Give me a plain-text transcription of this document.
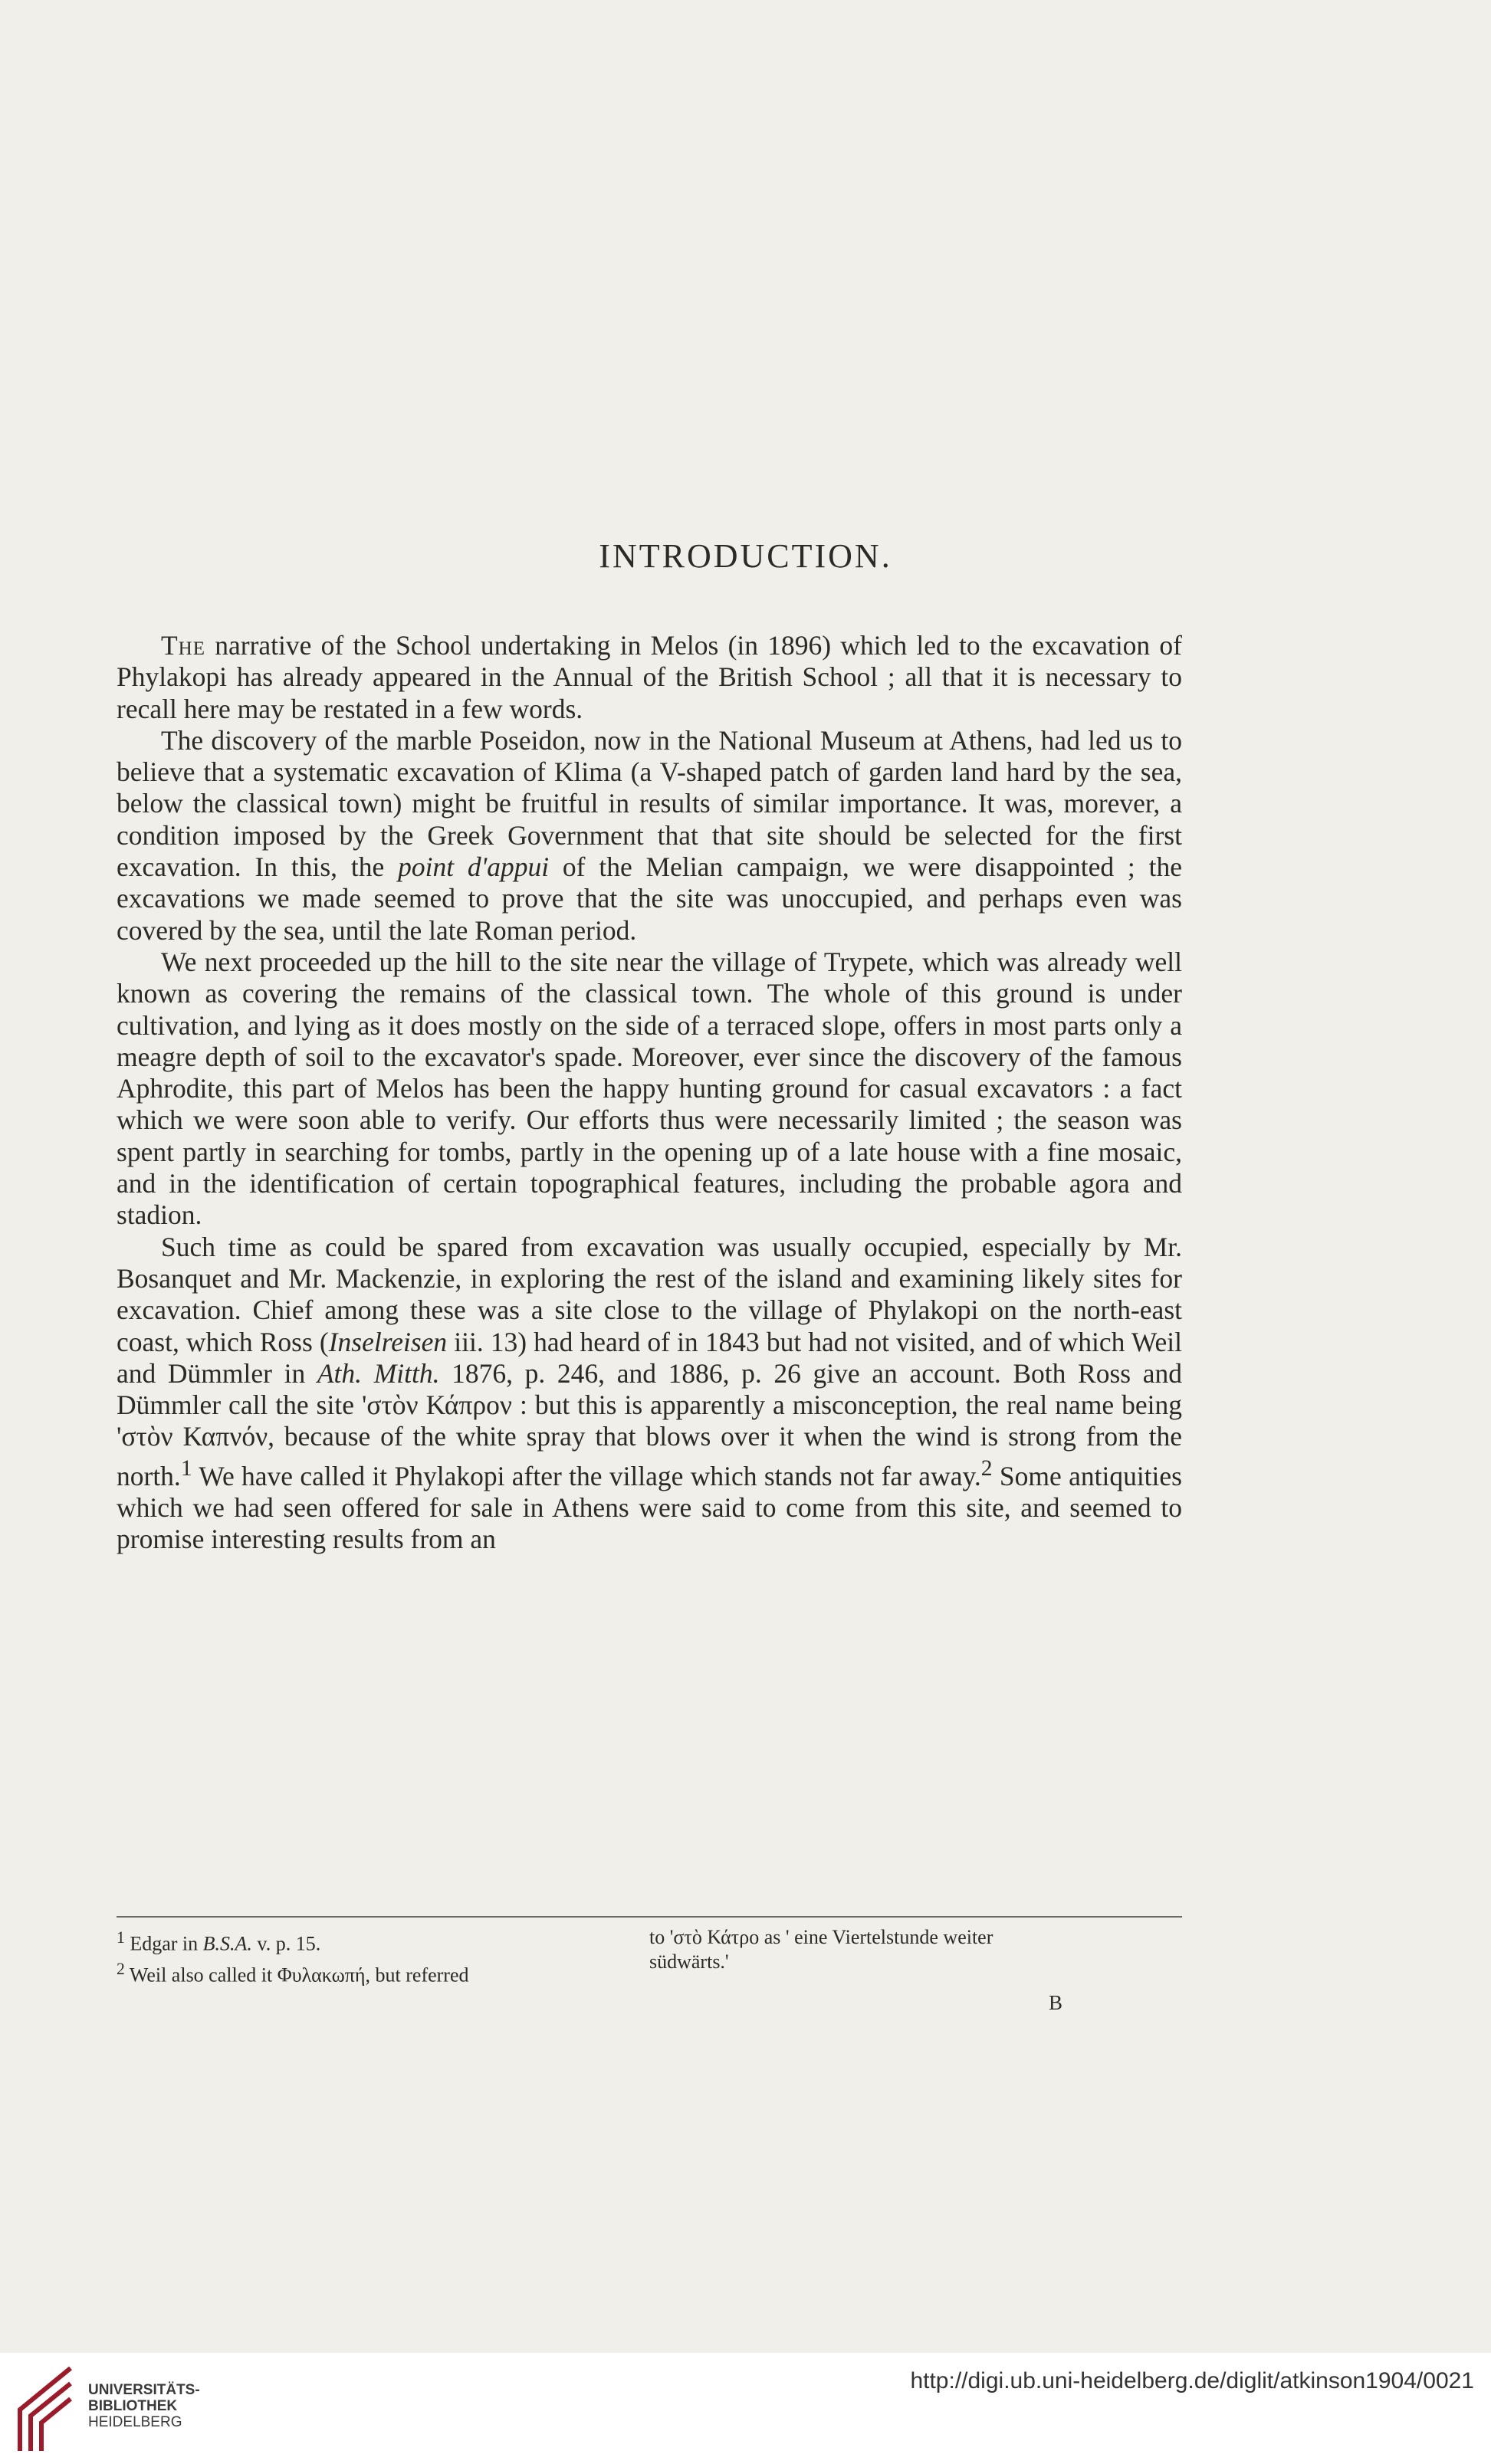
INTRODUCTION.

The narrative of the School undertaking in Melos (in 1896) which led to the excavation of Phylakopi has already appeared in the Annual of the British School ; all that it is necessary to recall here may be restated in a few words.

The discovery of the marble Poseidon, now in the National Museum at Athens, had led us to believe that a systematic excavation of Klima (a V-shaped patch of garden land hard by the sea, below the classical town) might be fruitful in results of similar importance. It was, morever, a condition imposed by the Greek Government that that site should be selected for the first excavation. In this, the point d'appui of the Melian campaign, we were disappointed ; the excavations we made seemed to prove that the site was unoccupied, and perhaps even was covered by the sea, until the late Roman period.

We next proceeded up the hill to the site near the village of Trypete, which was already well known as covering the remains of the classical town. The whole of this ground is under cultivation, and lying as it does mostly on the side of a terraced slope, offers in most parts only a meagre depth of soil to the excavator's spade. Moreover, ever since the discovery of the famous Aphrodite, this part of Melos has been the happy hunting ground for casual excavators : a fact which we were soon able to verify. Our efforts thus were necessarily limited ; the season was spent partly in searching for tombs, partly in the opening up of a late house with a fine mosaic, and in the identification of certain topographical features, including the probable agora and stadion.

Such time as could be spared from excavation was usually occupied, especially by Mr. Bosanquet and Mr. Mackenzie, in exploring the rest of the island and examining likely sites for excavation. Chief among these was a site close to the village of Phylakopi on the north-east coast, which Ross (Inselreisen iii. 13) had heard of in 1843 but had not visited, and of which Weil and Dümmler in Ath. Mitth. 1876, p. 246, and 1886, p. 26 give an account. Both Ross and Dümmler call the site 'στὸν Κάπρον : but this is apparently a misconception, the real name being 'στὸν Καπνόν, because of the white spray that blows over it when the wind is strong from the north.$^1$ We have called it Phylakopi after the village which stands not far away.$^2$ Some antiquities which we had seen offered for sale in Athens were said to come from this site, and seemed to promise interesting results from an

$^1$ Edgar in B.S.A. v. p. 15.
$^2$ Weil also called it Φυλακωπή, but referred
to 'στὸ Κάτρο as ' eine Viertelstunde weiter
südwärts.'
B
UNIVERSITÄTS-
BIBLIOTHEK
HEIDELBERG
http://digi.ub.uni-heidelberg.de/diglit/atkinson1904/0021
